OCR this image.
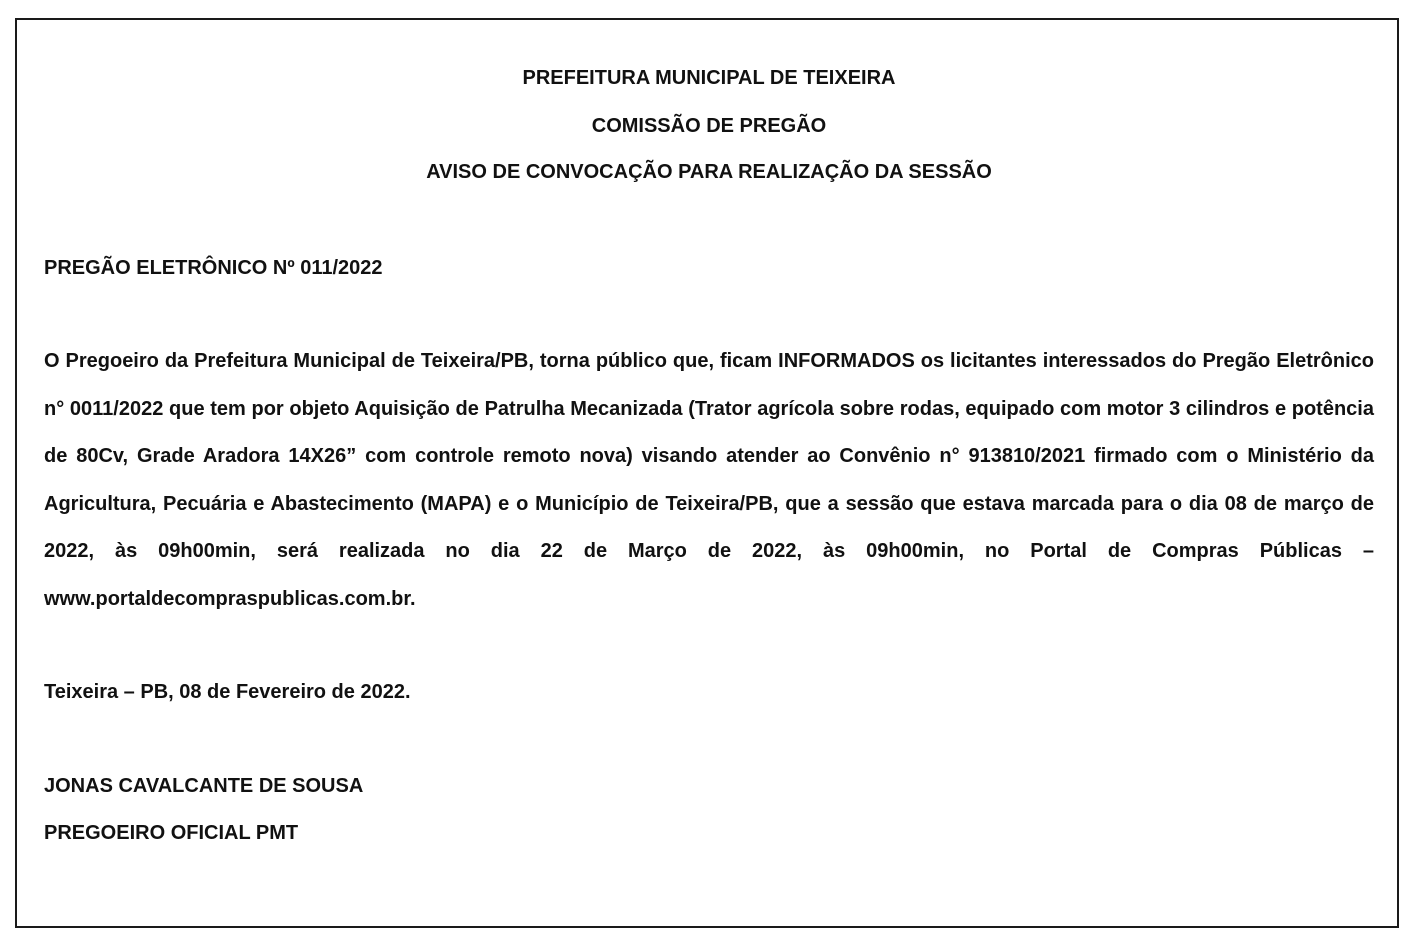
PREFEITURA MUNICIPAL DE TEIXEIRA
COMISSÃO DE PREGÃO
AVISO DE CONVOCAÇÃO PARA REALIZAÇÃO DA SESSÃO
PREGÃO ELETRÔNICO Nº 011/2022

O Pregoeiro da Prefeitura Municipal de Teixeira/PB, torna público que, ficam INFORMADOS os licitantes interessados do Pregão Eletrônico n° 0011/2022 que tem por objeto Aquisição de Patrulha Mecanizada (Trator agrícola sobre rodas, equipado com motor 3 cilindros e potência de 80Cv, Grade Aradora 14X26” com controle remoto nova) visando atender ao Convênio n° 913810/2021 firmado com o Ministério da Agricultura, Pecuária e Abastecimento (MAPA) e o Município de Teixeira/PB, que a sessão que estava marcada para o dia 08 de março de 2022, às 09h00min, será realizada no dia 22 de Março de 2022, às 09h00min, no Portal de Compras Públicas – www.portaldecompraspublicas.com.br.

Teixeira – PB, 08 de Fevereiro de 2022.
JONAS CAVALCANTE DE SOUSA
PREGOEIRO OFICIAL PMT
